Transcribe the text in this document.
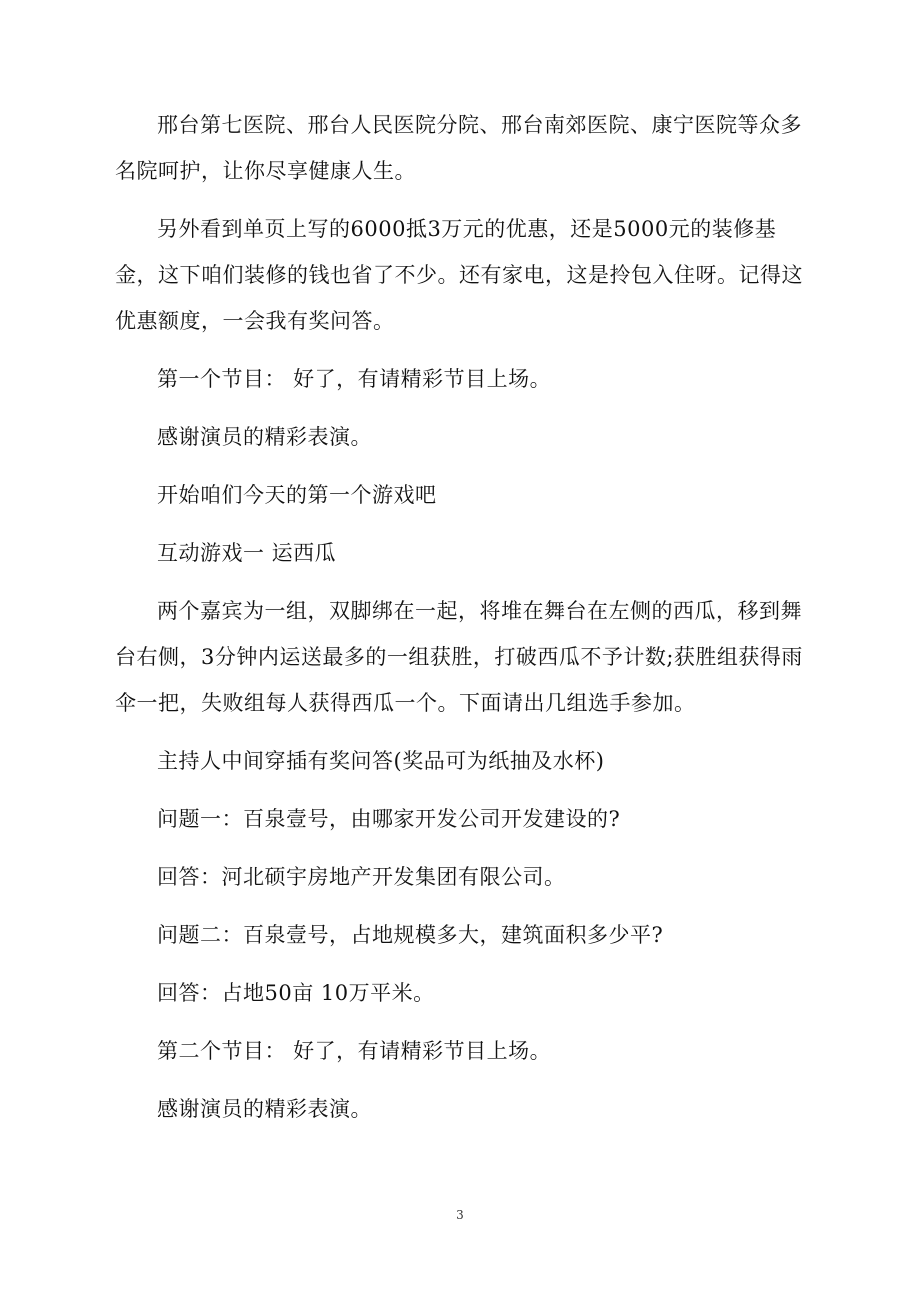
邢台第七医院、邢台人民医院分院、邢台南郊医院、康宁医院等众多名院呵护，让你尽享健康人生。

另外看到单页上写的6000抵3万元的优惠，还是5000元的装修基金，这下咱们装修的钱也省了不少。还有家电，这是拎包入住呀。记得这优惠额度，一会我有奖问答。

第一个节目： 好了，有请精彩节目上场。

感谢演员的精彩表演。

开始咱们今天的第一个游戏吧

互动游戏一 运西瓜

两个嘉宾为一组，双脚绑在一起，将堆在舞台在左侧的西瓜，移到舞台右侧，3分钟内运送最多的一组获胜，打破西瓜不予计数;获胜组获得雨伞一把，失败组每人获得西瓜一个。下面请出几组选手参加。

主持人中间穿插有奖问答(奖品可为纸抽及水杯)

问题一：百泉壹号，由哪家开发公司开发建设的?

回答：河北硕宇房地产开发集团有限公司。

问题二：百泉壹号，占地规模多大，建筑面积多少平?

回答：占地50亩 10万平米。

第二个节目： 好了，有请精彩节目上场。

感谢演员的精彩表演。

3
